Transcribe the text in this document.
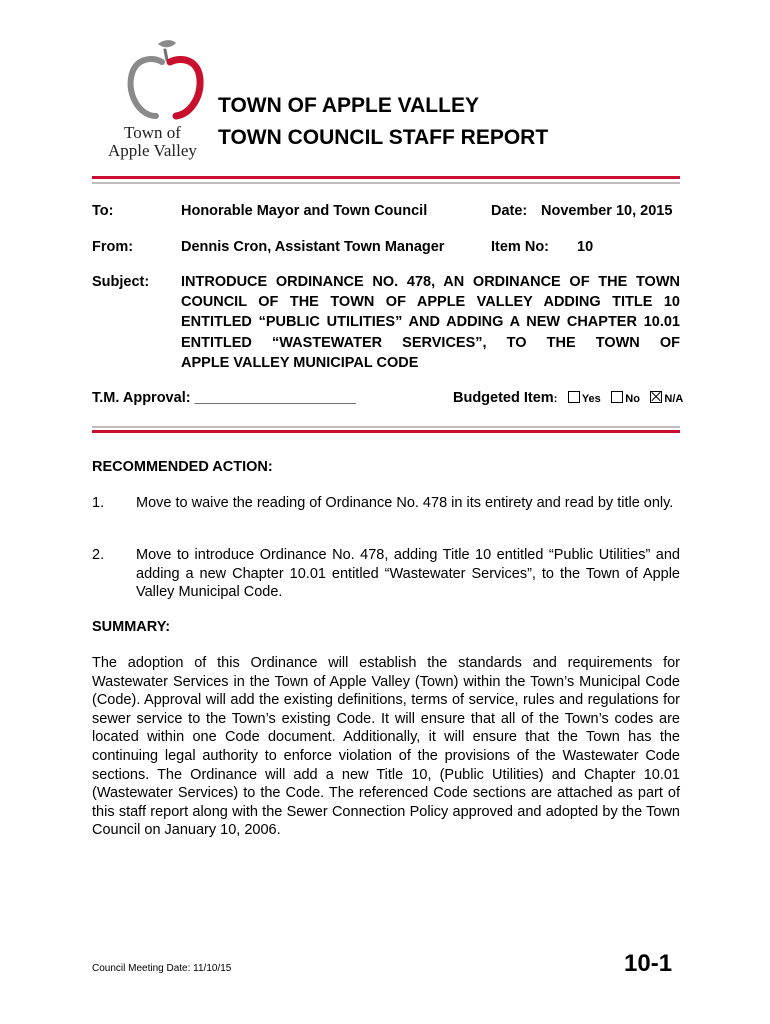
Town of
Apple Valley
TOWN OF APPLE VALLEY
TOWN COUNCIL STAFF REPORT
To:	Honorable Mayor and Town Council	Date: November 10, 2015
From:	Dennis Cron, Assistant Town Manager	Item No: 10
Subject: INTRODUCE ORDINANCE NO. 478, AN ORDINANCE OF THE TOWN COUNCIL OF THE TOWN OF APPLE VALLEY ADDING TITLE 10 ENTITLED “PUBLIC UTILITIES” AND ADDING A NEW CHAPTER 10.01 ENTITLED “WASTEWATER SERVICES”, TO THE TOWN OF
APPLE VALLEY MUNICIPAL CODE
T.M. Approval: ____________________	Budgeted Item: Yes No N/A
RECOMMENDED ACTION:
1. Move to waive the reading of Ordinance No. 478 in its entirety and read by title only.
2. Move to introduce Ordinance No. 478, adding Title 10 entitled “Public Utilities” and adding a new Chapter 10.01 entitled “Wastewater Services”, to the Town of Apple Valley Municipal Code.
SUMMARY:
The adoption of this Ordinance will establish the standards and requirements for Wastewater Services in the Town of Apple Valley (Town) within the Town’s Municipal Code (Code). Approval will add the existing definitions, terms of service, rules and regulations for sewer service to the Town’s existing Code. It will ensure that all of the Town’s codes are located within one Code document. Additionally, it will ensure that the Town has the continuing legal authority to enforce violation of the provisions of the Wastewater Code sections. The Ordinance will add a new Title 10, (Public Utilities) and Chapter 10.01 (Wastewater Services) to the Code. The referenced Code sections are attached as part of this staff report along with the Sewer Connection Policy approved and adopted by the Town Council on January 10, 2006.
Council Meeting Date: 11/10/15	10-1
